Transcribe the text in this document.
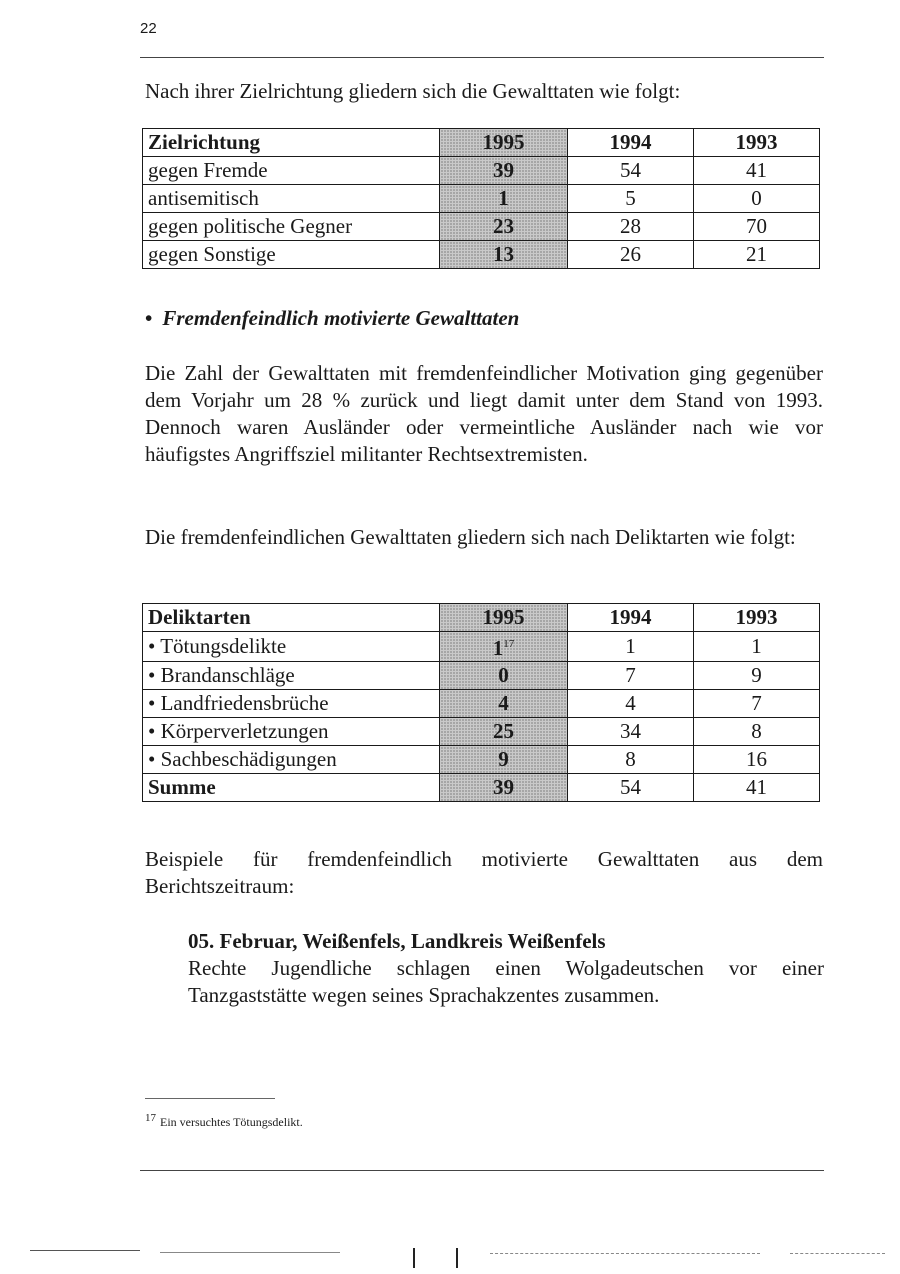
22

Nach ihrer Zielrichtung gliedern sich die Gewalttaten wie folgt:

Zielrichtung	1995	1994	1993
gegen Fremde	39	54	41
antisemitisch	1	5	0
gegen politische Gegner	23	28	70
gegen Sonstige	13	26	21
• Fremdenfeindlich motivierte Gewalttaten

Die Zahl der Gewalttaten mit fremdenfeindlicher Motivation ging gegenüber dem Vorjahr um 28 % zurück und liegt damit unter dem Stand von 1993. Dennoch waren Ausländer oder vermeintliche Ausländer nach wie vor häufigstes Angriffsziel militanter Rechtsextremisten.

Die fremdenfeindlichen Gewalttaten gliedern sich nach Deliktarten wie folgt:

Deliktarten	1995	1994	1993
• Tötungsdelikte	$1^{17}$	1	1
• Brandanschläge	0	7	9
• Landfriedensbrüche	4	4	7
• Körperverletzungen	25	34	8
• Sachbeschädigungen	9	8	16
Summe	39	54	41

Beispiele für fremdenfeindlich motivierte Gewalttaten aus dem Berichtszeitraum:

05. Februar, Weißenfels, Landkreis Weißenfels

Rechte Jugendliche schlagen einen Wolgadeutschen vor einer Tanzgaststätte wegen seines Sprachakzentes zusammen.

$^{17}$ Ein versuchtes Tötungsdelikt.
